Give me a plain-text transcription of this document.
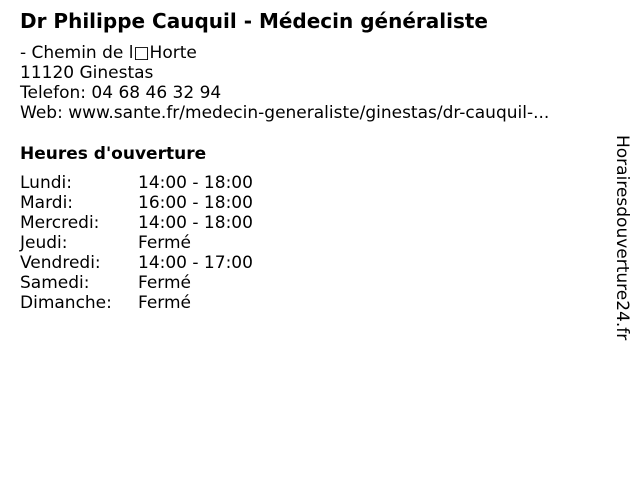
Dr Philippe Cauquil - Médecin généraliste
- Chemin de l□Horte
11120 Ginestas
Telefon: 04 68 46 32 94
Web: www.sante.fr/medecin-generaliste/ginestas/dr-cauquil-...
Heures d'ouverture
Lundi:	14:00 - 18:00
Mardi:	16:00 - 18:00
Mercredi: 14:00 - 18:00
Jeudi:	Fermé
Vendredi: 14:00 - 17:00
Samedi:	Fermé
Dimanche: Fermé	Horairesdouverture24.fr
